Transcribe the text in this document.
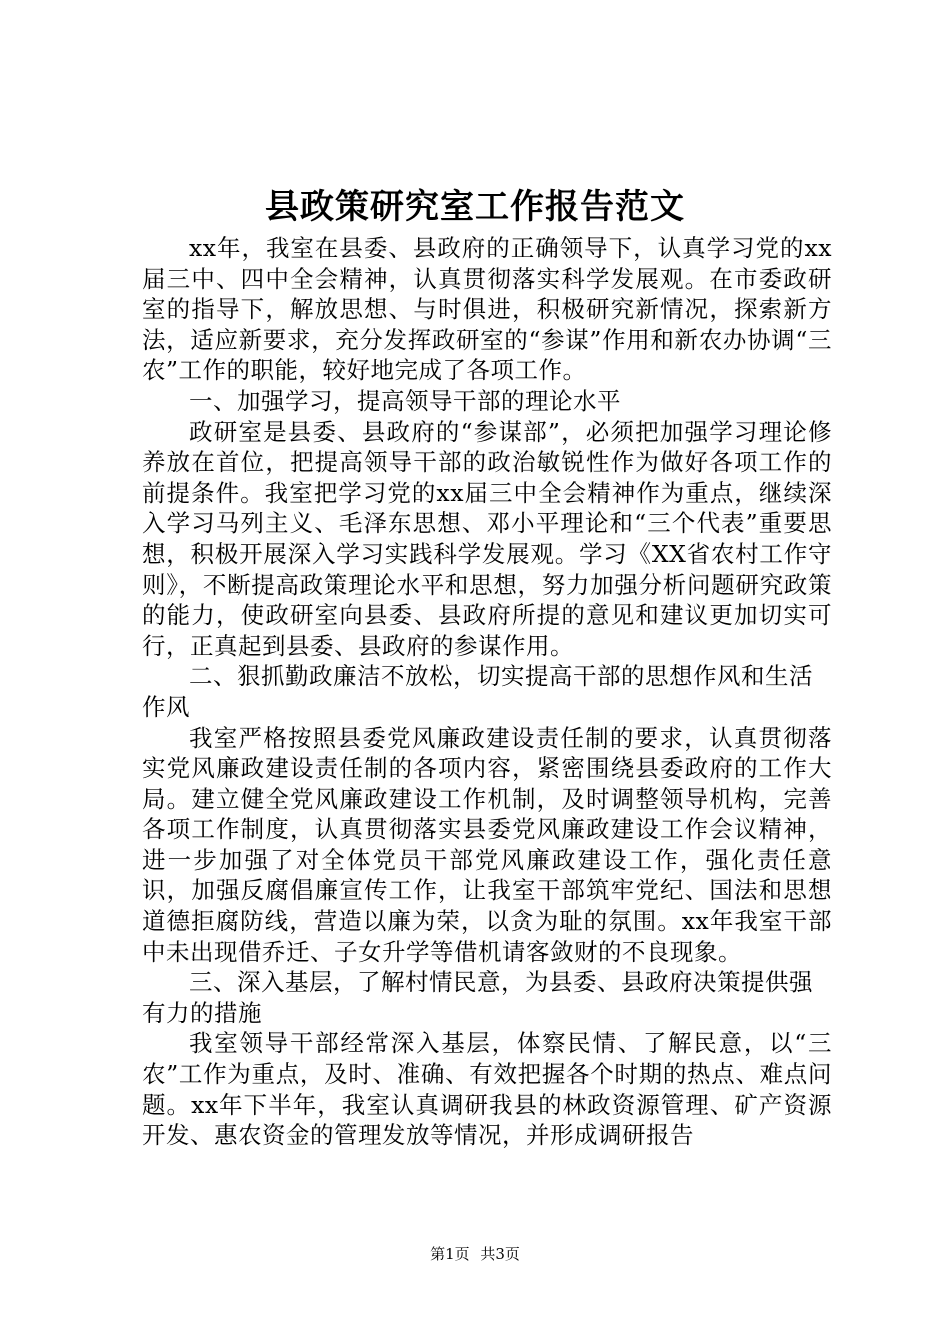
县政策研究室工作报告范文

xx年，我室在县委、县政府的正确领导下，认真学习党的xx届三中、四中全会精神，认真贯彻落实科学发展观。在市委政研室的指导下，解放思想、与时俱进，积极研究新情况，探索新方法，适应新要求，充分发挥政研室的“参谋”作用和新农办协调“三农”工作的职能，较好地完成了各项工作。

一、加强学习，提高领导干部的理论水平

政研室是县委、县政府的“参谋部”，必须把加强学习理论修养放在首位，把提高领导干部的政治敏锐性作为做好各项工作的前提条件。我室把学习党的xx届三中全会精神作为重点，继续深入学习马列主义、毛泽东思想、邓小平理论和“三个代表”重要思想，积极开展深入学习实践科学发展观。学习《XX省农村工作守则》，不断提高政策理论水平和思想，努力加强分析问题研究政策的能力，使政研室向县委、县政府所提的意见和建议更加切实可行，正真起到县委、县政府的参谋作用。

二、狠抓勤政廉洁不放松，切实提高干部的思想作风和生活作风

我室严格按照县委党风廉政建设责任制的要求，认真贯彻落实党风廉政建设责任制的各项内容，紧密围绕县委政府的工作大局。建立健全党风廉政建设工作机制，及时调整领导机构，完善各项工作制度，认真贯彻落实县委党风廉政建设工作会议精神，进一步加强了对全体党员干部党风廉政建设工作，强化责任意识，加强反腐倡廉宣传工作，让我室干部筑牢党纪、国法和思想道德拒腐防线，营造以廉为荣，以贪为耻的氛围。xx年我室干部中未出现借乔迁、子女升学等借机请客敛财的不良现象。

三、深入基层，了解村情民意，为县委、县政府决策提供强有力的措施

我室领导干部经常深入基层，体察民情、了解民意，以“三农”工作为重点，及时、准确、有效把握各个时期的热点、难点问题。xx年下半年，我室认真调研我县的林政资源管理、矿产资源开发、惠农资金的管理发放等情况，并形成调研报告

第1页 共3页
